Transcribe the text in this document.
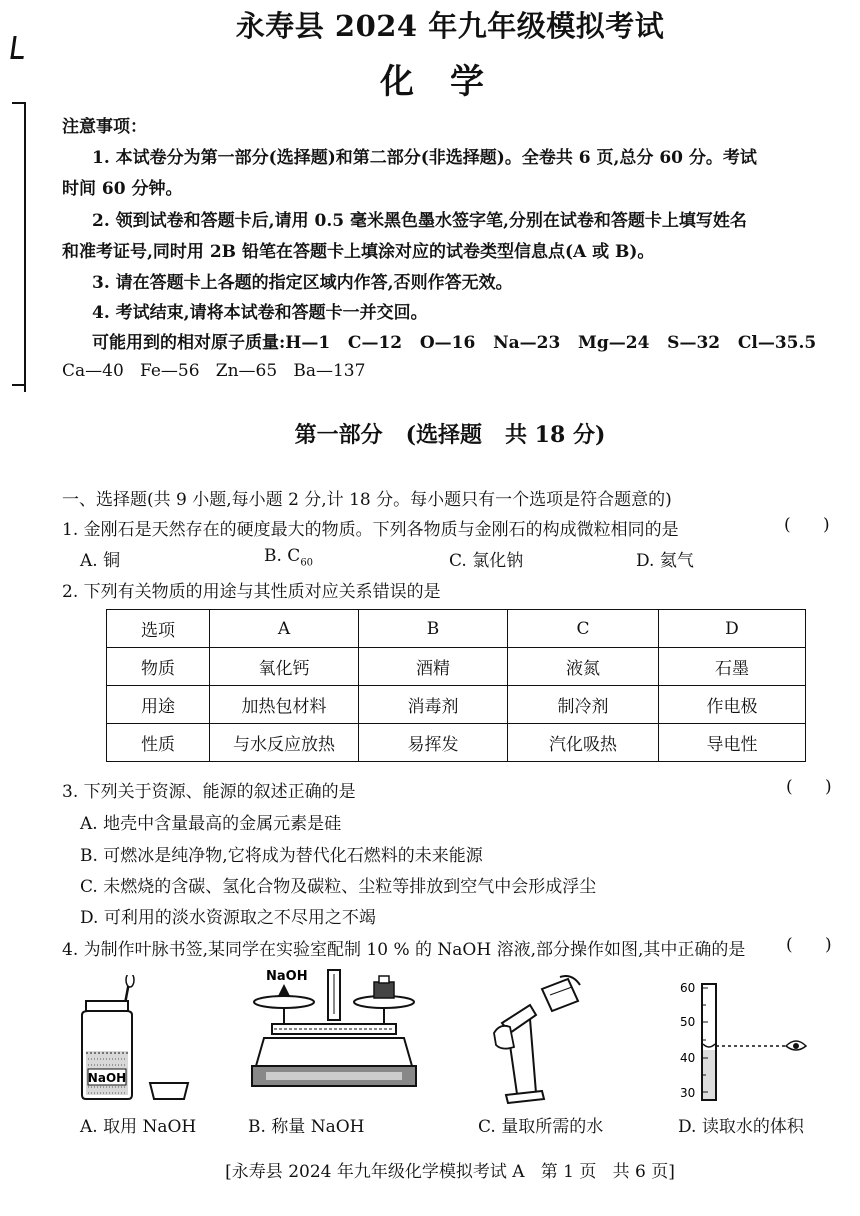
永寿县 2024 年九年级模拟考试
化学
注意事项：
1. 本试卷分为第一部分(选择题)和第二部分(非选择题)。全卷共 6 页,总分 60 分。考试
时间 60 分钟。
2. 领到试卷和答题卡后,请用 0.5 毫米黑色墨水签字笔,分别在试卷和答题卡上填写姓名
和准考证号,同时用 2B 铅笔在答题卡上填涂对应的试卷类型信息点(A 或 B)。
3. 请在答题卡上各题的指定区域内作答,否则作答无效。
4. 考试结束,请将本试卷和答题卡一并交回。
可能用到的相对原子质量:H—1   C—12   O—16   Na—23   Mg—24   S—32   Cl—35.5
Ca—40   Fe—56   Zn—65   Ba—137
第一部分   (选择题   共 18 分)
一、选择题(共 9 小题,每小题 2 分,计 18 分。每小题只有一个选项是符合题意的)
1. 金刚石是天然存在的硬度最大的物质。下列各物质与金刚石的构成微粒相同的是	(      )
A. 铜	B. $C_{60}$	C. 氯化钠	D. 氦气
2. 下列有关物质的用途与其性质对应关系错误的是
选项	A	B	C	D
物质	氧化钙	酒精	液氮	石墨
用途	加热包材料	消毒剂	制冷剂	作电极
性质	与水反应放热	易挥发	汽化吸热	导电性
3. 下列关于资源、能源的叙述正确的是	(      )
A. 地壳中含量最高的金属元素是硅
B. 可燃冰是纯净物,它将成为替代化石燃料的未来能源
C. 未燃烧的含碳、氢化合物及碳粒、尘粒等排放到空气中会形成浮尘
D. 可利用的淡水资源取之不尽用之不竭
4. 为制作叶脉书签,某同学在实验室配制 10 % 的 NaOH 溶液,部分操作如图,其中正确的是 (      )
NaOH
A. 取用 NaOH
NaOH
B. 称量 NaOH	C. 量取所需的水
60
50
40
30
D. 读取水的体积
[永寿县 2024 年九年级化学模拟考试 A   第 1 页   共 6 页]
